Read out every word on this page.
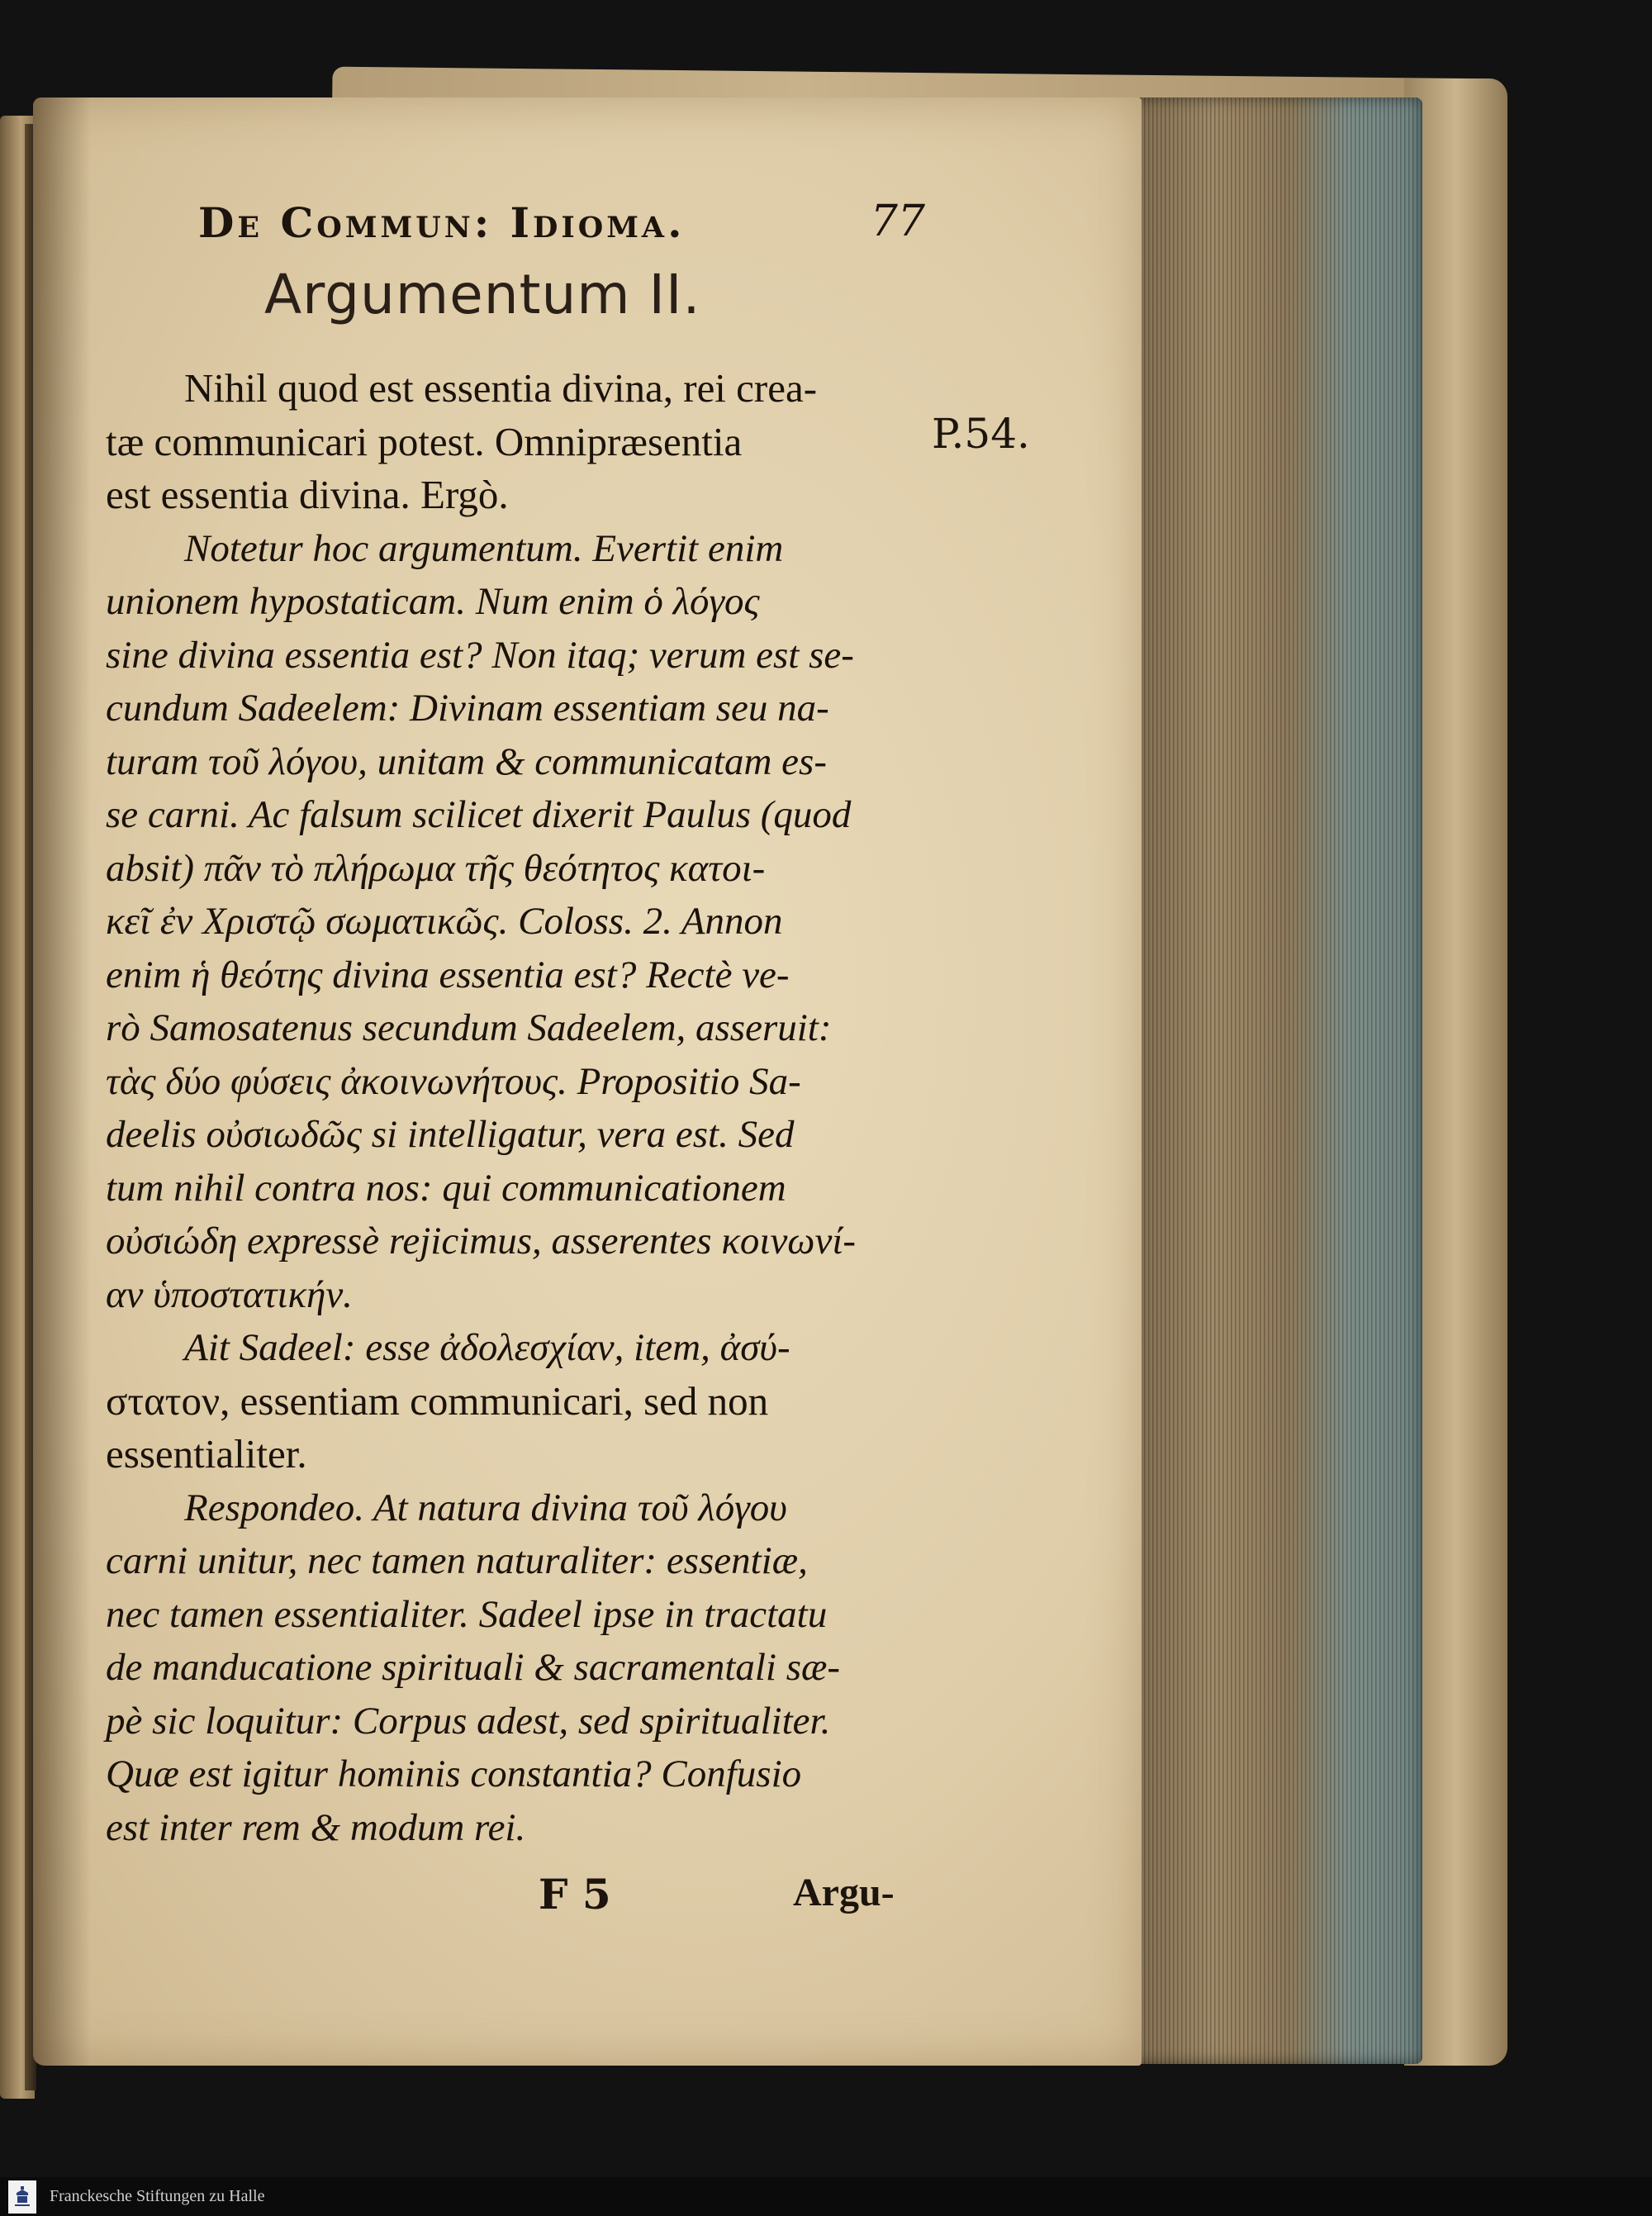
De Commun: Idioma.	77
Argumentum II.
P.54.
Nihil quod est essentia divina, rei crea-
tæ communicari potest. Omnipræsentia
est essentia divina. Ergò.
Notetur hoc argumentum. Evertit enim
unionem hypostaticam. Num enim ὁ λόγος
sine divina essentia est? Non itaq; verum est se-
cundum Sadeelem: Divinam essentiam seu na-
turam τοῦ λόγου, unitam & communicatam es-
se carni. Ac falsum scilicet dixerit Paulus (quod
absit) πᾶν τὸ πλήρωμα τῆς θεότητος κατοι-
κεῖ ἐν Χριστῷ σωματικῶς. Coloss. 2. Annon
enim ἡ θεότης divina essentia est? Rectè ve-
rò Samosatenus secundum Sadeelem, asseruit:
τὰς δύο φύσεις ἀκοινωνήτους. Propositio Sa-
deelis οὐσιωδῶς si intelligatur, vera est. Sed
tum nihil contra nos: qui communicationem
οὐσιώδη expressè rejicimus, asserentes κοινωνί-
αν ὑποστατικήν.
Ait Sadeel: esse ἀδολεσχίαν, item, ἀσύ-
στατον, essentiam communicari, sed non
essentialiter.
Respondeo. At natura divina τοῦ λόγου
carni unitur, nec tamen naturaliter: essentiæ,
nec tamen essentialiter. Sadeel ipse in tractatu
de manducatione spirituali & sacramentali sæ-
pè sic loquitur: Corpus adest, sed spiritualiter.
Quæ est igitur hominis constantia? Confusio
est inter rem & modum rei.
F 5	Argu-
Franckesche Stiftungen zu Halle
